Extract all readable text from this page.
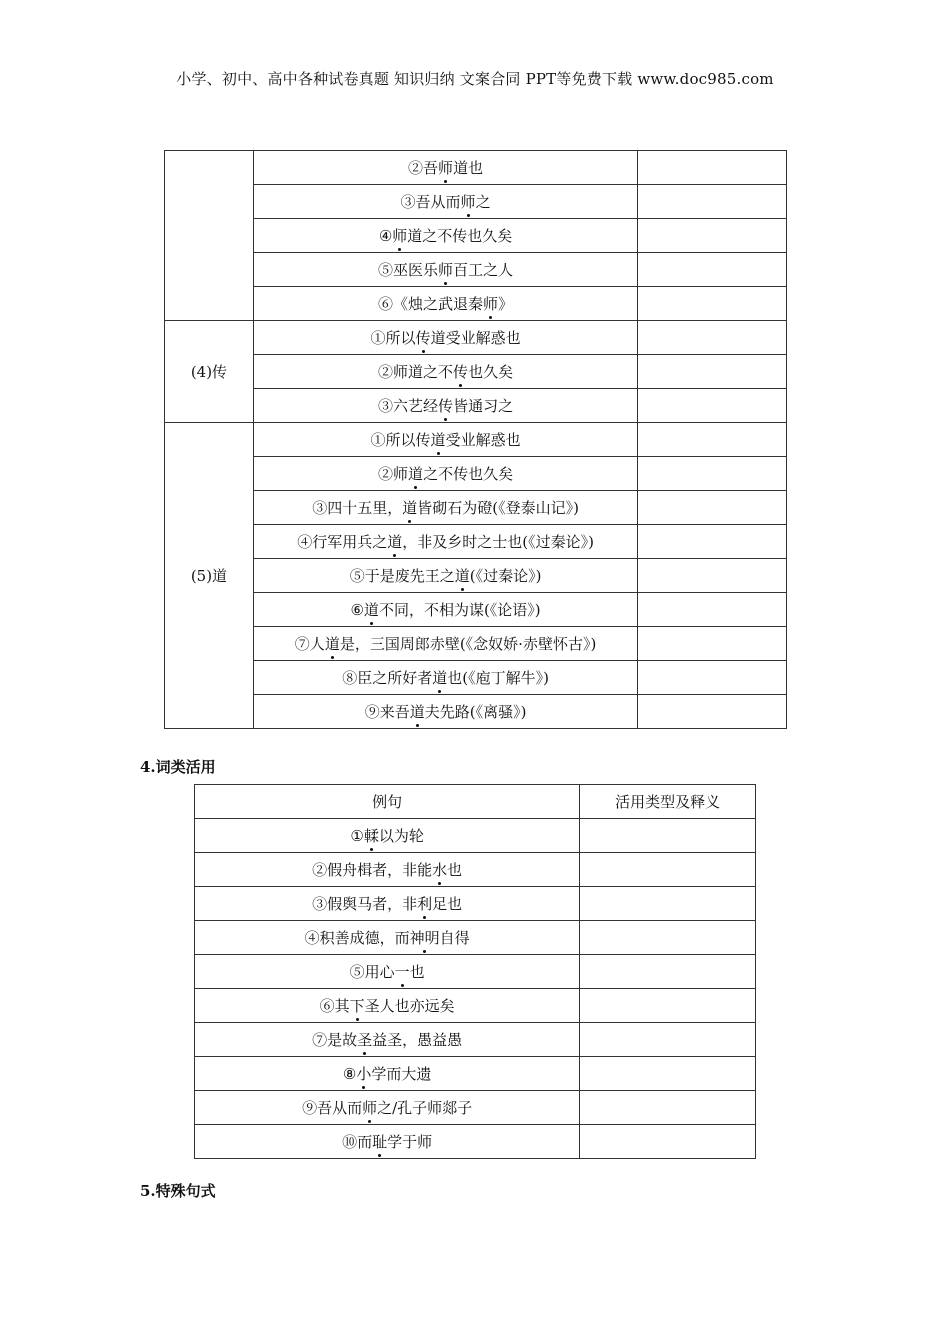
小学、初中、高中各种试卷真题 知识归纳 文案合同 PPT等免费下载 www.doc985.com
	②吾师道也	
	③吾从而师之	
	④师道之不传也久矣	
	⑤巫医乐师百工之人	
	⑥《烛之武退秦师》	
(4)传	①所以传道受业解惑也	
	②师道之不传也久矣	
	③六艺经传皆通习之	
(5)道	①所以传道受业解惑也	
	②师道之不传也久矣	
	③四十五里，道皆砌石为磴(《登泰山记》)	
	④行军用兵之道，非及乡时之士也(《过秦论》)	
	⑤于是废先王之道(《过秦论》)	
	⑥道不同，不相为谋(《论语》)	
	⑦人道是，三国周郎赤壁(《念奴娇·赤壁怀古》)	
	⑧臣之所好者道也(《庖丁解牛》)	
	⑨来吾道夫先路(《离骚》)	
4.词类活用
例句	活用类型及释义
①輮以为轮	
②假舟楫者，非能水也	
③假舆马者，非利足也	
④积善成德，而神明自得	
⑤用心一也	
⑥其下圣人也亦远矣	
⑦是故圣益圣，愚益愚	
⑧小学而大遗	
⑨吾从而师之/孔子师郯子	
⑩而耻学于师	
5.特殊句式
